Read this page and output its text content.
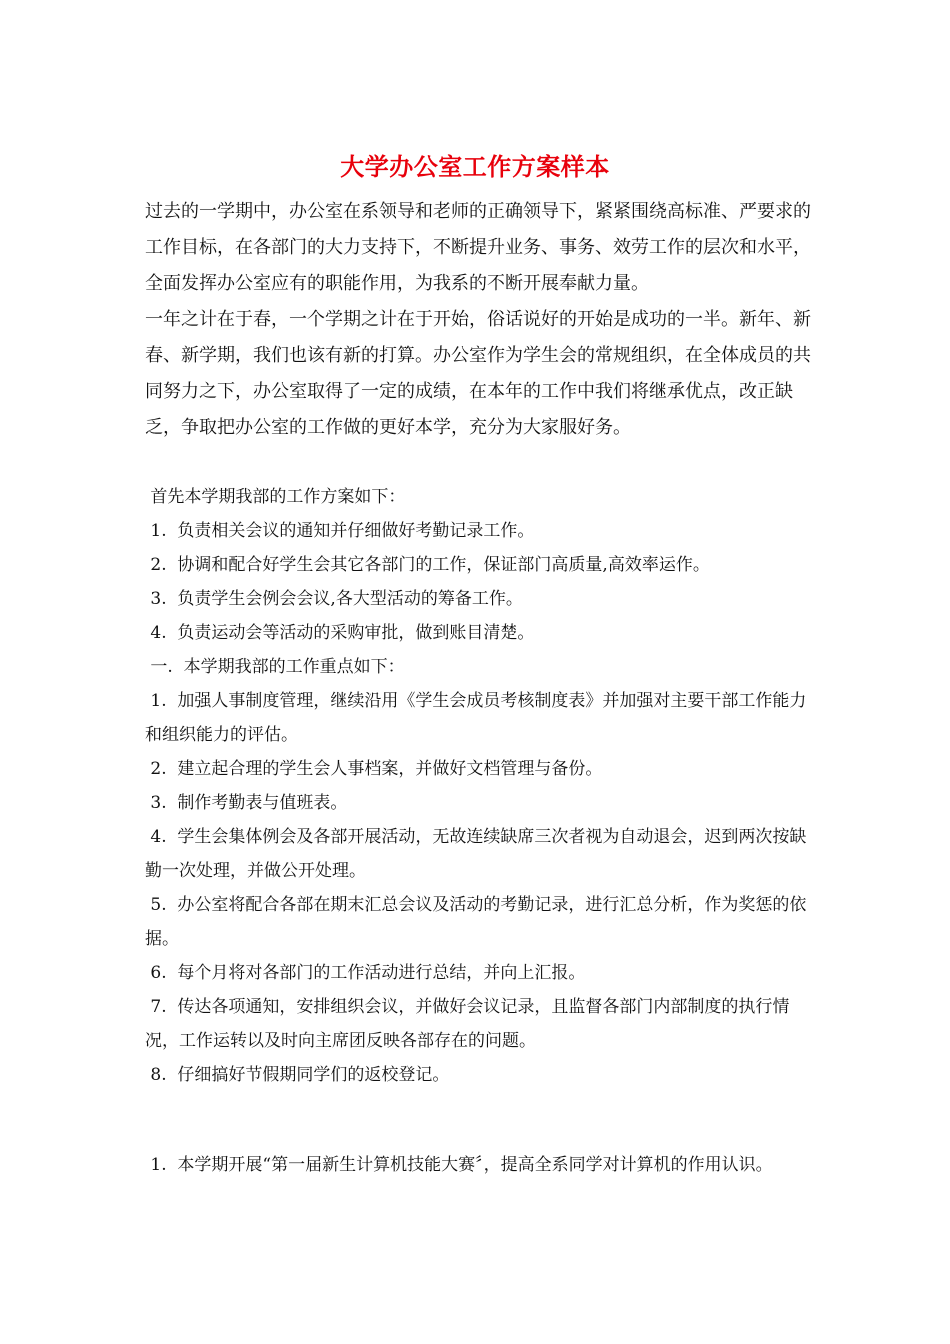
大学办公室工作方案样本
过去的一学期中，办公室在系领导和老师的正确领导下，紧紧围绕高标准、严要求的工作目标，在各部门的大力支持下，不断提升业务、事务、效劳工作的层次和水平，全面发挥办公室应有的职能作用，为我系的不断开展奉献力量。
一年之计在于春，一个学期之计在于开始，俗话说好的开始是成功的一半。新年、新春、新学期，我们也该有新的打算。办公室作为学生会的常规组织，在全体成员的共同努力之下，办公室取得了一定的成绩，在本年的工作中我们将继承优点，改正缺乏，争取把办公室的工作做的更好本学，充分为大家服好务。
首先本学期我部的工作方案如下：
1.  负责相关会议的通知并仔细做好考勤记录工作。
2.  协调和配合好学生会其它各部门的工作，保证部门高质量,高效率运作。
3.  负责学生会例会会议,各大型活动的筹备工作。
4.  负责运动会等活动的采购审批，做到账目清楚。
一.  本学期我部的工作重点如下：
1.  加强人事制度管理，继续沿用《学生会成员考核制度表》并加强对主要干部工作能力和组织能力的评估。
2.  建立起合理的学生会人事档案，并做好文档管理与备份。
3.  制作考勤表与值班表。
4.  学生会集体例会及各部开展活动，无故连续缺席三次者视为自动退会，迟到两次按缺勤一次处理，并做公开处理。
5.  办公室将配合各部在期末汇总会议及活动的考勤记录，进行汇总分析，作为奖惩的依据。
6.  每个月将对各部门的工作活动进行总结，并向上汇报。
7.  传达各项通知，安排组织会议，并做好会议记录，且监督各部门内部制度的执行情况，工作运转以及时向主席团反映各部存在的问题。
8.  仔细搞好节假期同学们的返校登记。
1.  本学期开展“第一届新生计算机技能大赛〞，提高全系同学对计算机的作用认识。
